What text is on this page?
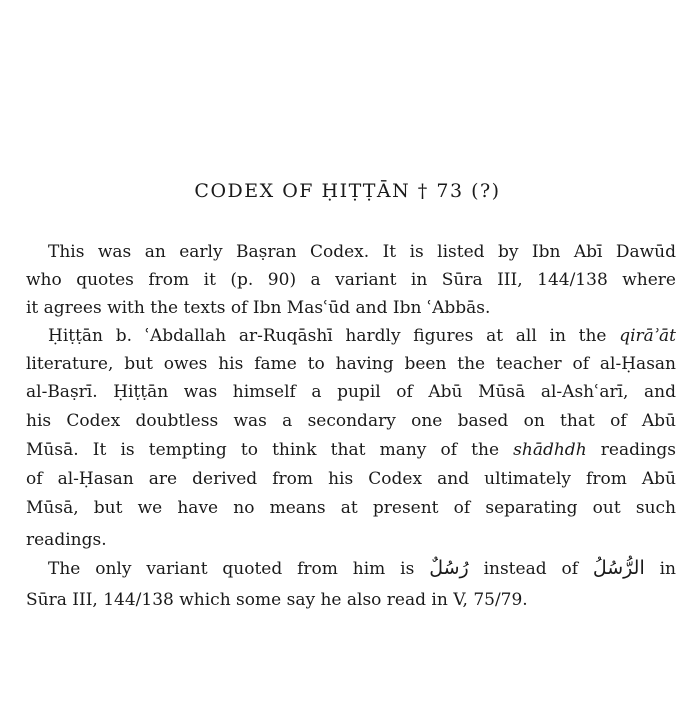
CODEX OF ḤIṬṬĀN † 73 (?)
This was an early Baṣran Codex. It is listed by Ibn Abī Dawūd
who quotes from it (p. 90) a variant in Sūra III, 144/138 where
it agrees with the texts of Ibn Masʿūd and Ibn ʿAbbās.
Ḥiṭṭān b. ʿAbdallah ar-Ruqāshī hardly figures at all in the qirāʾāt
literature, but owes his fame to having been the teacher of al-Ḥasan
al-Baṣrī. Ḥiṭṭān was himself a pupil of Abū Mūsā al-Ashʿarī, and
his Codex doubtless was a secondary one based on that of Abū
Mūsā. It is tempting to think that many of the shādhdh readings
of al-Ḥasan are derived from his Codex and ultimately from Abū
Mūsā, but we have no means at present of separating out such
readings.
The only variant quoted from him is رُسُلٌ instead of الرُّسُلُ in
Sūra III, 144/138 which some say he also read in V, 75/79.
